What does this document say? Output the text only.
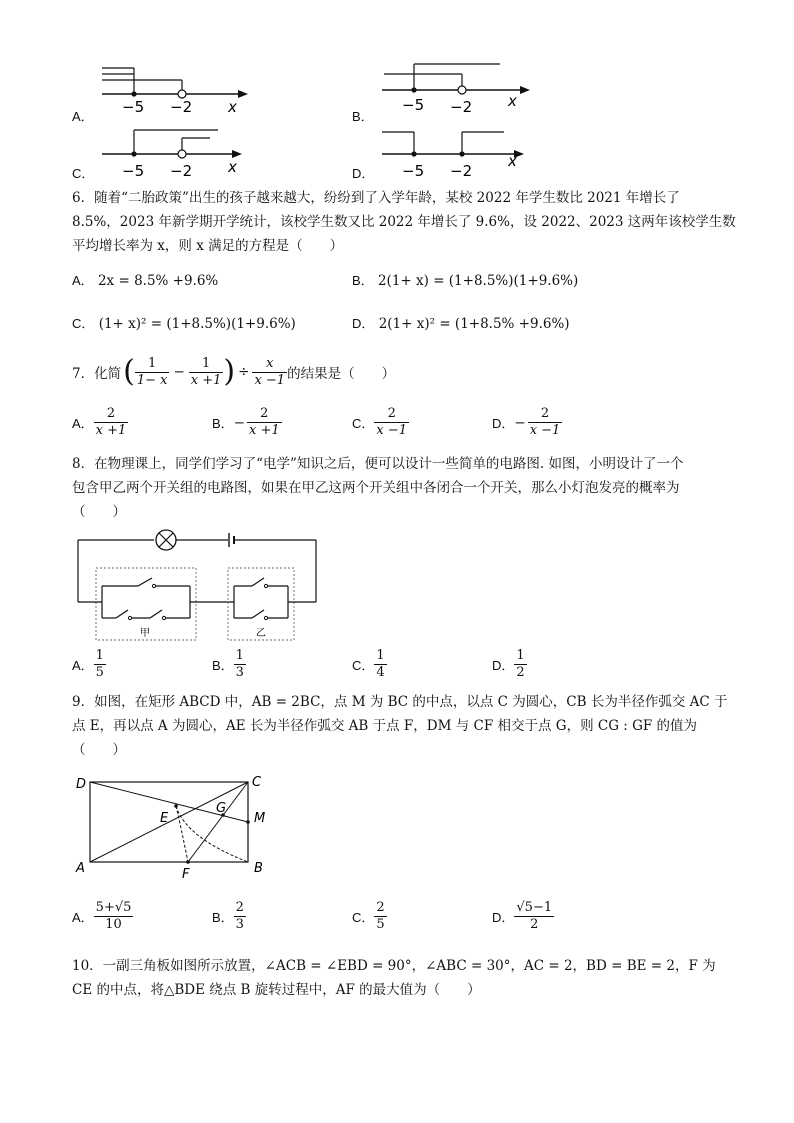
A．
−5 −2 x
B．
−5 −2 x
C． −5 −2 x	D． −5 −2
x
6．随着“二胎政策”出生的孩子越来越大，纷纷到了入学年龄，某校 2022 年学生数比 2021 年增长了
8.5%，2023 年新学期开学统计，该校学生数又比 2022 年增长了 9.6%，设 2022、2023 这两年该校学生数
平均增长率为 x，则 x 满足的方程是（　　）
A． 2x = 8.5% +9.6%	B． 2(1+ x) = (1+8.5%)(1+9.6%)
C． (1+ x)² = (1+8.5%)(1+9.6%)	D． 2(1+ x)² = (1+8.5% +9.6%)
7．化简 ( $\frac{1}{1- x} - \frac{1}{x +1}$ ) ÷ $\frac{x}{x -1}$ 的结果是（　　）
A． $\frac{2}{x +1}$	B． − $\frac{2}{x +1}$	C． $\frac{2}{x -1}$	D． − $\frac{2}{x -1}$
8．在物理课上，同学们学习了“电学”知识之后，便可以设计一些简单的电路图. 如图，小明设计了一个
包含甲乙两个开关组的电路图，如果在甲乙这两个开关组中各闭合一个开关，那么小灯泡发亮的概率为
（　　）
甲	乙
A． $\frac{1}{5}$	B． $\frac{1}{3}$	C． $\frac{1}{4}$	D． $\frac{1}{2}$
9．如图，在矩形 ABCD 中，AB = 2BC，点 M 为 BC 的中点，以点 C 为圆心，CB 长为半径作弧交 AC 于
点 E，再以点 A 为圆心，AE 长为半径作弧交 AB 于点 F，DM 与 CF 相交于点 G，则 CG : GF 的值为
（　　）
D	C
G
E	M
A	F	B
A． $\frac{5+√5}{10}$	B． $\frac{2}{3}$	C． $\frac{2}{5}$	D． $\frac{√5-1}{2}$
10．一副三角板如图所示放置，∠ACB = ∠EBD = 90°，∠ABC = 30°，AC = 2，BD = BE = 2，F 为
CE 的中点，将△BDE 绕点 B 旋转过程中，AF 的最大值为（　　）
